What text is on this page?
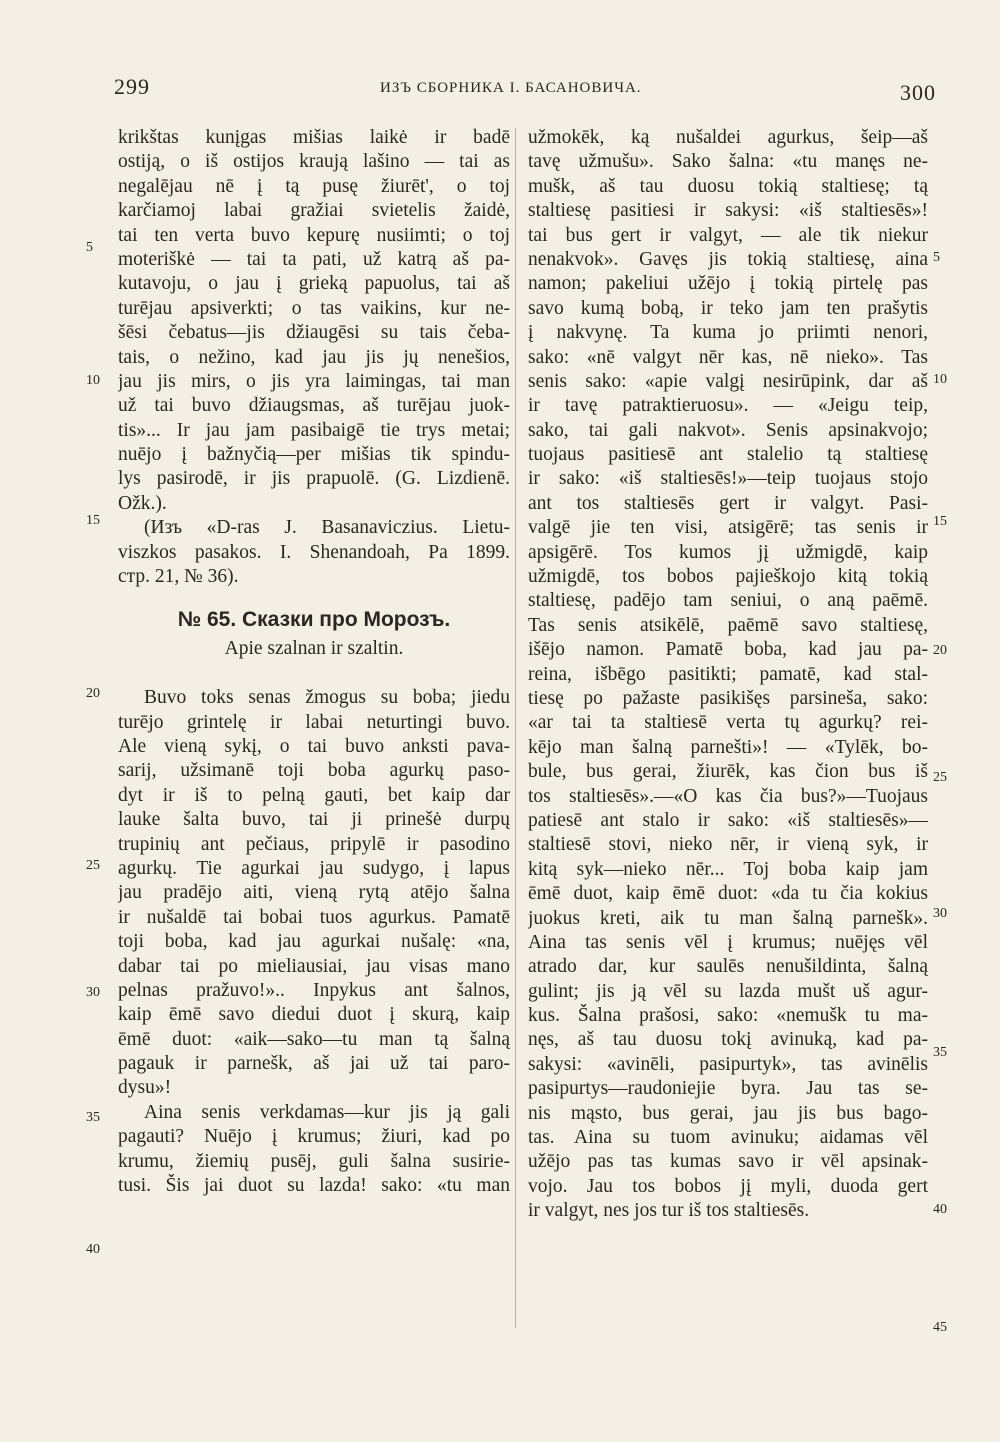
299	ИЗЪ СБОРНИКА I. БАСАНОВИЧА.	300
krikštas kunįgas mišias laikė ir badē
ostiją, o iš ostijos kraują lašino — tai as
negalējau nē į tą pusę žiurēt', o toj
karčiamoj labai gražiai svietelis žaidė,
tai ten verta buvo kepurę nusiimti; o toj
moteriškė — tai ta pati, už katrą aš pa-
kutavoju, o jau į grieką papuolus, tai aš
turējau apsiverkti; o tas vaikins, kur ne-
šēsi čebatus—jis džiaugēsi su tais čeba-
tais, o nežino, kad jau jis jų nenešios,
jau jis mirs, o jis yra laimingas, tai man
už tai buvo džiaugsmas, aš turējau juok-
tis»... Ir jau jam pasibaigē tie trys metai;
nuējo į bažnyčią—per mišias tik spindu-
lys pasirodē, ir jis prapuolē. (G. Lizdienē.
Ožk.).
(Изъ «D-ras J. Basanaviczius. Lietu-
viszkos pasakos. I. Shenandoah, Pa 1899.
стр. 21, № 36).
№ 65. Сказки про Морозъ.
Apie szalnan ir szaltin.
Buvo toks senas žmogus su boba; jiedu
turējo grintelę ir labai neturtingi buvo.
Ale vieną sykį, o tai buvo anksti pava-
sarij, užsimanē toji boba agurkų paso-
dyt ir iš to pelną gauti, bet kaip dar
lauke šalta buvo, tai ji prinešė durpų
trupinių ant pečiaus, pripylē ir pasodino
agurkų. Tie agurkai jau sudygo, į lapus
jau pradējo aiti, vieną rytą atējo šalna
ir nušaldē tai bobai tuos agurkus. Pamatē
toji boba, kad jau agurkai nušalę: «na,
dabar tai po mieliausiai, jau visas mano
pelnas pražuvo!».. Inpykus ant šalnos,
kaip ēmē savo diedui duot į skurą, kaip
ēmē duot: «aik—sako—tu man tą šalną
pagauk ir parnešk, aš jai už tai paro-
dysu»!
Aina senis verkdamas—kur jis ją gali
pagauti? Nuējo į krumus; žiuri, kad po
krumu, žiemių pusēj, guli šalna susirie-
tusi. Šis jai duot su lazda! sako: «tu man
užmokēk, ką nušaldei agurkus, šeip—aš
tavę užmušu». Sako šalna: «tu manęs ne-
mušk, aš tau duosu tokią staltiesę; tą
staltiesę pasitiesi ir sakysi: «iš staltiesēs»!
tai bus gert ir valgyt, — ale tik niekur
nenakvok». Gavęs jis tokią staltiesę, aina
namon; pakeliui užējo į tokią pirtelę pas
savo kumą bobą, ir teko jam ten prašytis
į nakvynę. Ta kuma jo priimti nenori,
sako: «nē valgyt nēr kas, nē nieko». Tas
senis sako: «apie valgį nesirūpink, dar aš
ir tavę patraktieruosu». — «Jeigu teip,
sako, tai gali nakvot». Senis apsinakvojo;
tuojaus pasitiesē ant stalelio tą staltiesę
ir sako: «iš staltiesēs!»—teip tuojaus stojo
ant tos staltiesēs gert ir valgyt. Pasi-
valgē jie ten visi, atsigērē; tas senis ir
apsigērē. Tos kumos jį užmigdē, kaip
užmigdē, tos bobos pajieškojo kitą tokią
staltiesę, padējo tam seniui, o aną paēmē.
Tas senis atsikēlē, paēmē savo staltiesę,
išējo namon. Pamatē boba, kad jau pa-
reina, išbēgo pasitikti; pamatē, kad stal-
tiesę po pažaste pasikišęs parsineša, sako:
«ar tai ta staltiesē verta tų agurkų? rei-
kējo man šalną parnešti»! — «Tylēk, bo-
bule, bus gerai, žiurēk, kas čion bus iš
tos staltiesēs».—«O kas čia bus?»—Tuojaus
patiesē ant stalo ir sako: «iš staltiesēs»—
staltiesē stovi, nieko nēr, ir vieną syk, ir
kitą syk—nieko nēr... Toj boba kaip jam
ēmē duot, kaip ēmē duot: «da tu čia kokius
juokus kreti, aik tu man šalną parnešk».
Aina tas senis vēl į krumus; nuējęs vēl
atrado dar, kur saulēs nenušildinta, šalną
gulint; jis ją vēl su lazda mušt uš agur-
kus. Šalna prašosi, sako: «nemušk tu ma-
nęs, aš tau duosu tokį avinuką, kad pa-
sakysi: «avinēli, pasipurtyk», tas avinēlis
pasipurtys—raudoniejie byra. Jau tas se-
nis mąsto, bus gerai, jau jis bus bago-
tas. Aina su tuom avinuku; aidamas vēl
užējo pas tas kumas savo ir vēl apsinak-
vojo. Jau tos bobos jį myli, duoda gert
ir valgyt, nes jos tur iš tos staltiesēs.
5
10
15
20
25
30
35
40
5
10
15
20
25
30
35
40
45
